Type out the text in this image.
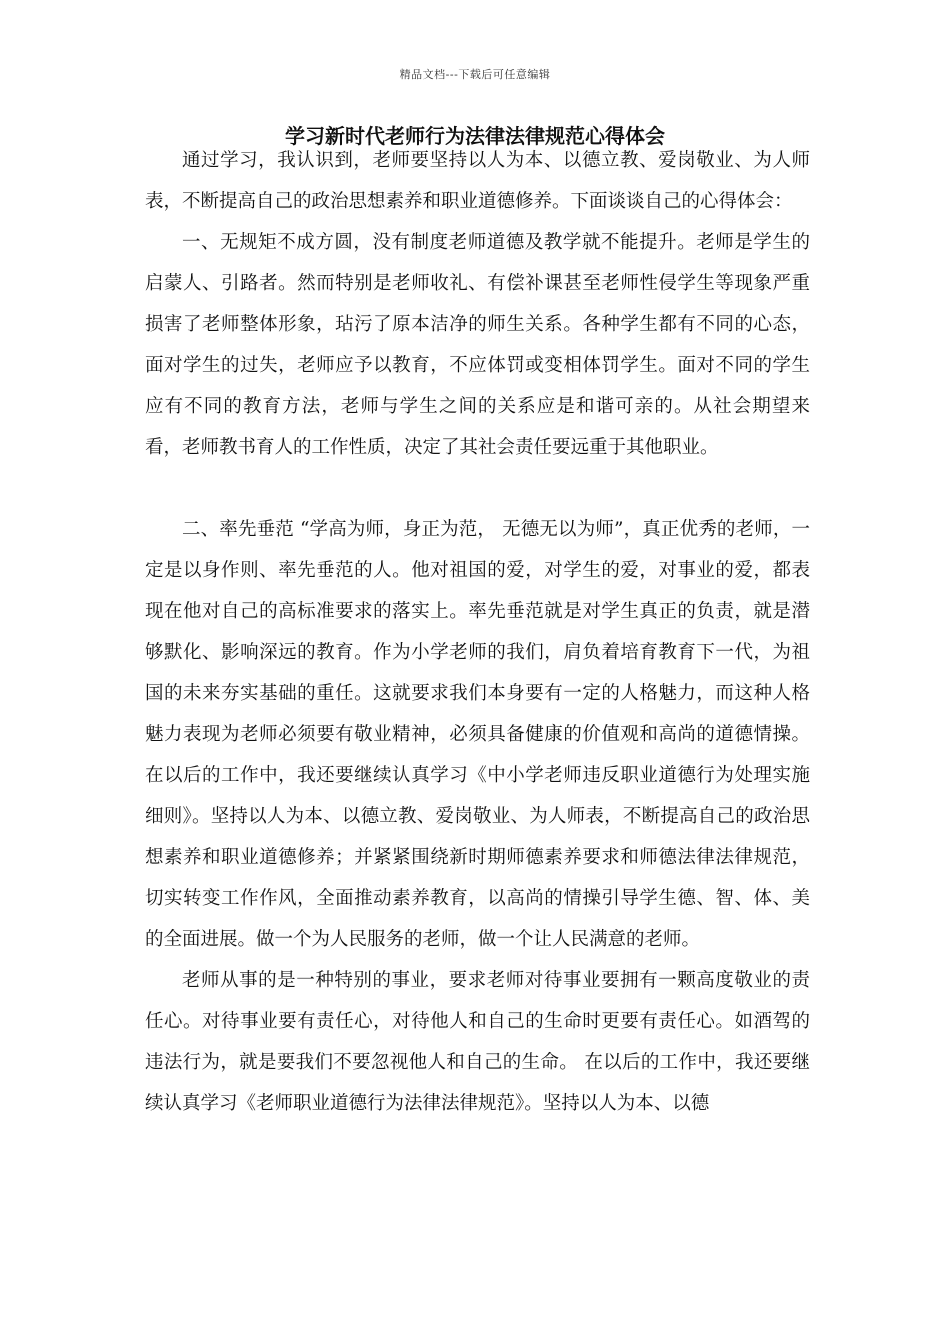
精品文档---下载后可任意编辑
学习新时代老师行为法律法律规范心得体会

通过学习，我认识到，老师要坚持以人为本、以德立教、爱岗敬业、为人师表，不断提高自己的政治思想素养和职业道德修养。下面谈谈自己的心得体会：

一、无规矩不成方圆，没有制度老师道德及教学就不能提升。老师是学生的启蒙人、引路者。然而特别是老师收礼、有偿补课甚至老师性侵学生等现象严重损害了老师整体形象，玷污了原本洁净的师生关系。各种学生都有不同的心态，面对学生的过失，老师应予以教育，不应体罚或变相体罚学生。面对不同的学生应有不同的教育方法，老师与学生之间的关系应是和谐可亲的。从社会期望来看，老师教书育人的工作性质，决定了其社会责任要远重于其他职业。

二、率先垂范 “学高为师，身正为范， 无德无以为师”，真正优秀的老师，一定是以身作则、率先垂范的人。他对祖国的爱，对学生的爱，对事业的爱，都表现在他对自己的高标准要求的落实上。率先垂范就是对学生真正的负责，就是潜够默化、影响深远的教育。作为小学老师的我们，肩负着培育教育下一代，为祖国的未来夯实基础的重任。这就要求我们本身要有一定的人格魅力，而这种人格魅力表现为老师必须要有敬业精神，必须具备健康的价值观和高尚的道德情操。在以后的工作中，我还要继续认真学习《中小学老师违反职业道德行为处理实施细则》。坚持以人为本、以德立教、爱岗敬业、为人师表，不断提高自己的政治思想素养和职业道德修养；并紧紧围绕新时期师德素养要求和师德法律法律规范，切实转变工作作风，全面推动素养教育，以高尚的情操引导学生德、智、体、美的全面进展。做一个为人民服务的老师，做一个让人民满意的老师。

老师从事的是一种特别的事业，要求老师对待事业要拥有一颗高度敬业的责任心。对待事业要有责任心，对待他人和自己的生命时更要有责任心。如酒驾的违法行为，就是要我们不要忽视他人和自己的生命。 在以后的工作中，我还要继续认真学习《老师职业道德行为法律法律规范》。坚持以人为本、以德
